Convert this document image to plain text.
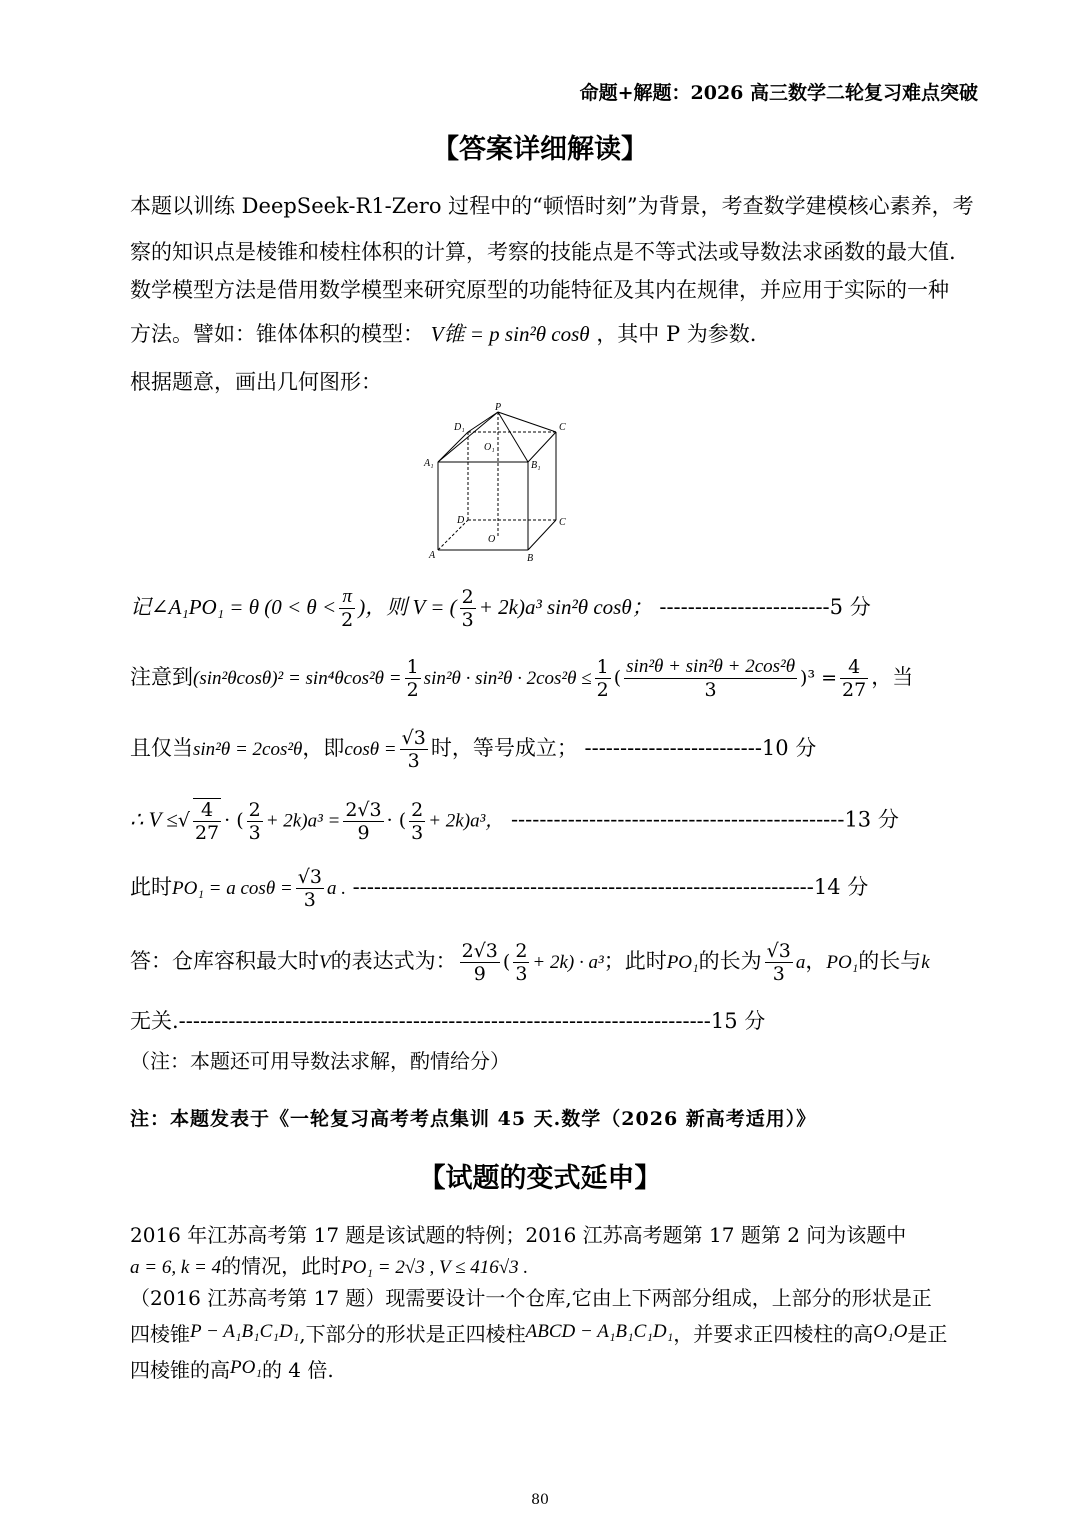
命题+解题：2026 高三数学二轮复习难点突破
【答案详细解读】
本题以训练 DeepSeek-R1-Zero 过程中的“顿悟时刻”为背景，考查数学建模核心素养，考
察的知识点是棱锥和棱柱体积的计算，考察的技能点是不等式法或导数法求函数的最大值.
数学模型方法是借用数学模型来研究原型的功能特征及其内在规律，并应用于实际的一种
方法。譬如：锥体体积的模型： V锥 = p sin²θ cosθ ，其中 P 为参数.
根据题意，画出几何图形：
P
C
D₁
O₁
A₁	B₁
D	C
O
A	B
记∠A₁PO₁ = θ ($0 < \theta < \frac{\pi}{2}$ )，则 V = ( $\frac{2}{3} + 2k)a^3$ sin²θ cosθ； ------------------------5 分
注意到$(\sin^2\theta\cos\theta)^2 = \sin^4\theta\cos^2\theta = \frac{1}{2} \sin^2\theta \cdot \sin^2\theta \cdot 2\cos^2\theta \le \frac{1}{2}$ ( $\frac{\text{sin²θ + sin²θ + 2cos²θ}}{3} )^3 = \frac{4}{27}$ ，当
且仅当sin²θ = 2cos²θ，即$\cos\theta = \frac{√3}{3}$ 时，等号成立； -------------------------10 分
∴ V ≤√ $\frac{4}{27}$ · ( $\frac{2}{3} + 2k)a^3 = \frac{2√3}{9}$ · ( $\frac{2}{3} + 2k)a^3$， -----------------------------------------------13 分
此时PO₁ = a $\cos\theta = \frac{√3}{3}$ a . -----------------------------------------------------------------14 分
答：仓库容积最大时V的表达式为： $\frac{2√3}{9}$ ( $\frac{2}{3} + 2k) \cdot a^3$；此时PO₁的长为 $\frac{√3}{3}$ a，PO₁的长与k
无关.---------------------------------------------------------------------------15 分
（注：本题还可用导数法求解，酌情给分）
注：本题发表于《一轮复习高考考点集训 45 天.数学（2026 新高考适用）》
【试题的变式延申】
2016 年江苏高考第 17 题是该试题的特例；2016 江苏高考题第 17 题第 2 问为该题中
a = 6, k = 4的情况，此时PO₁ = 2√3 , V ≤ 416√3 .
（2016 江苏高考第 17 题）现需要设计一个仓库,它由上下两部分组成，上部分的形状是正
四棱锥P − A₁B₁C₁D₁,下部分的形状是正四棱柱ABCD − A₁B₁C₁D₁，并要求正四棱柱的高O₁O是正
四棱锥的高PO₁的 4 倍.
80
